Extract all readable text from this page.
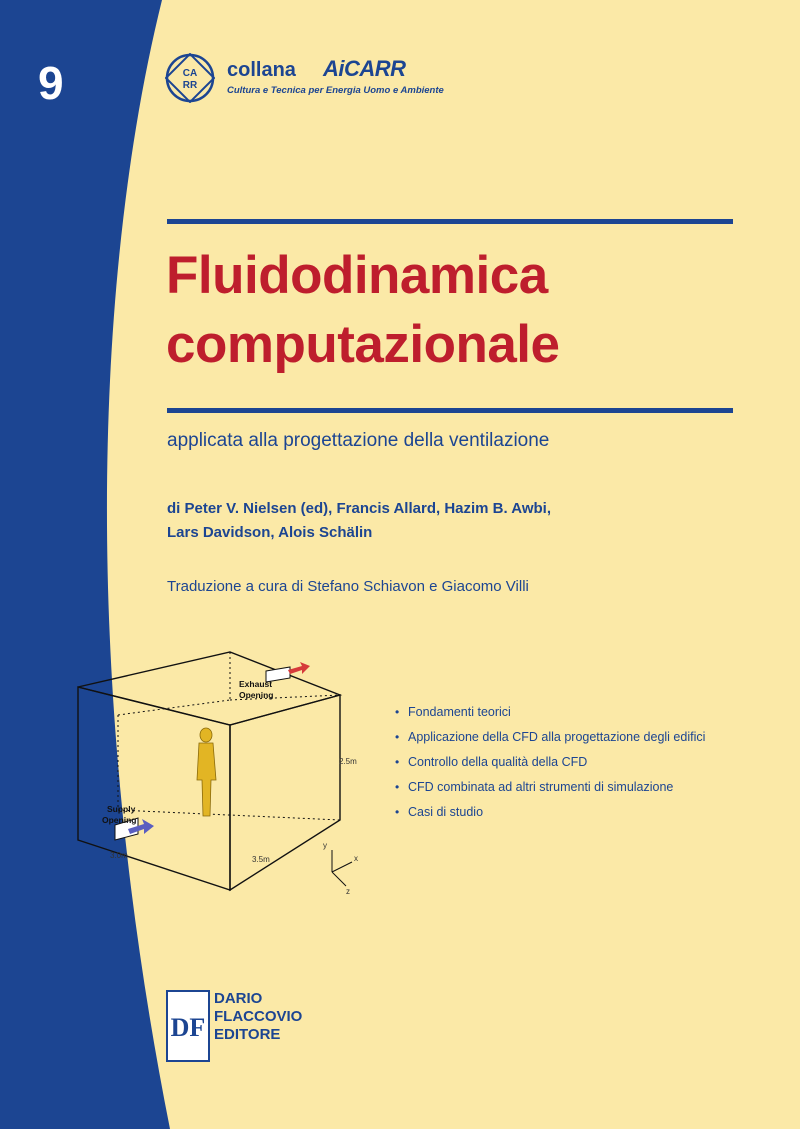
9	CA
RR
collana AiCARR
Cultura e Tecnica per Energia Uomo e Ambiente
Fluidodinamica
computazionale
applicata alla progettazione della ventilazione
di Peter V. Nielsen (ed), Francis Allard, Hazim B. Awbi,
Lars Davidson, Alois Schälin
Traduzione a cura di Stefano Schiavon e Giacomo Villi
Exhaust
Opening
Supply
Opening
2.5m
3.5m
3.0m
y
x
z
• Fondamenti teorici
• Applicazione della CFD alla progettazione degli edifici
• Controllo della qualità della CFD
• CFD combinata ad altri strumenti di simulazione
• Casi di studio
DF
DARIO
FLACCOVIO
EDITORE
